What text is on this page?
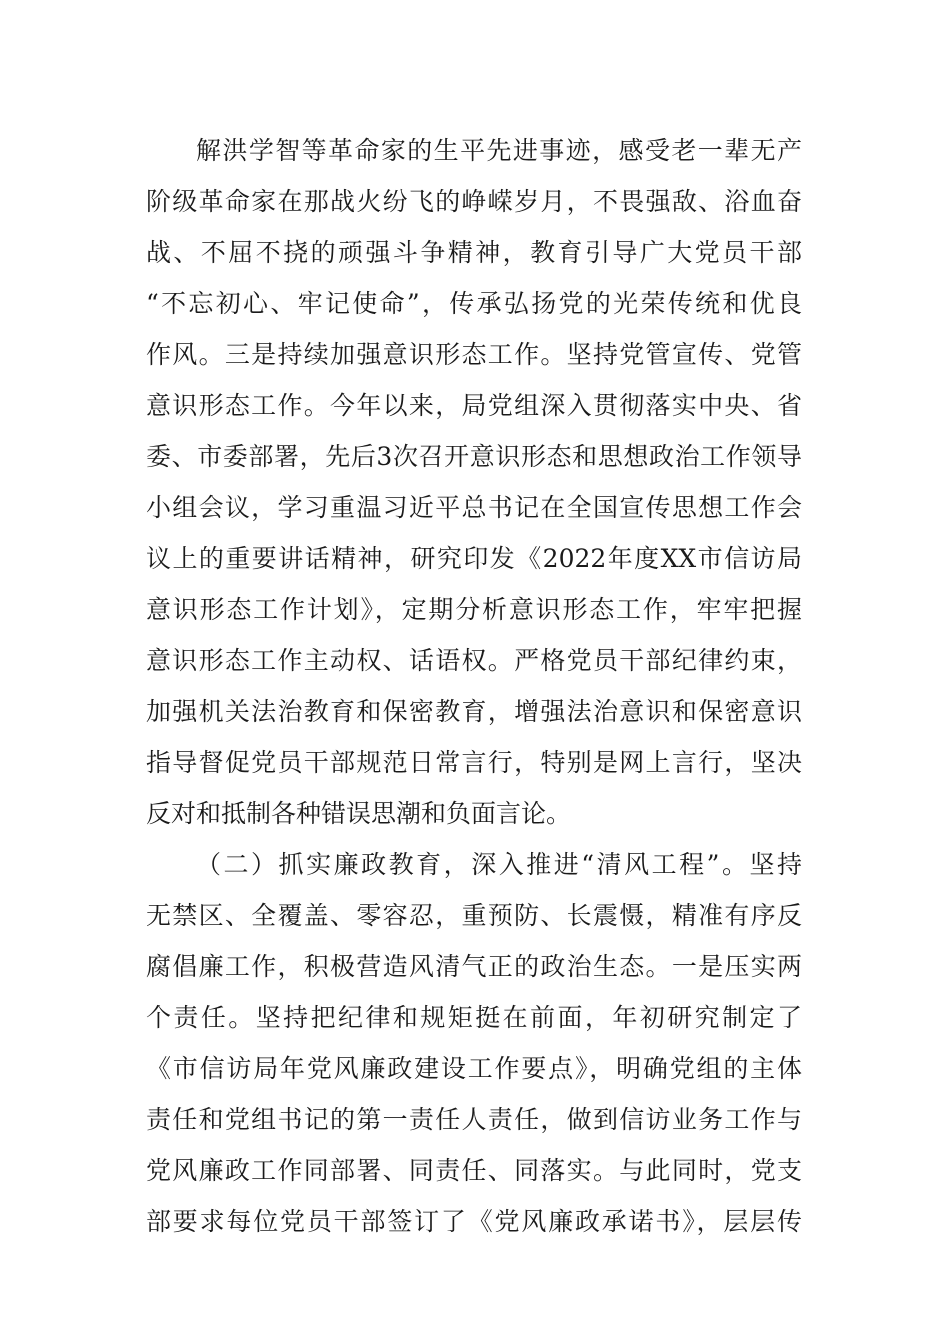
解洪学智等革命家的生平先进事迹，感受老一辈无产
阶级革命家在那战火纷飞的峥嵘岁月，不畏强敌、浴血奋
战、不屈不挠的顽强斗争精神，教育引导广大党员干部
“不忘初心、牢记使命”，传承弘扬党的光荣传统和优良
作风。三是持续加强意识形态工作。坚持党管宣传、党管
意识形态工作。今年以来，局党组深入贯彻落实中央、省
委、市委部署，先后3次召开意识形态和思想政治工作领导
小组会议，学习重温习近平总书记在全国宣传思想工作会
议上的重要讲话精神，研究印发《2022年度XX市信访局
意识形态工作计划》，定期分析意识形态工作，牢牢把握
意识形态工作主动权、话语权。严格党员干部纪律约束，
加强机关法治教育和保密教育，增强法治意识和保密意识
指导督促党员干部规范日常言行，特别是网上言行，坚决
反对和抵制各种错误思潮和负面言论。
（二）抓实廉政教育，深入推进“清风工程”。坚持
无禁区、全覆盖、零容忍，重预防、长震慑，精准有序反
腐倡廉工作，积极营造风清气正的政治生态。一是压实两
个责任。坚持把纪律和规矩挺在前面，年初研究制定了
《市信访局年党风廉政建设工作要点》，明确党组的主体
责任和党组书记的第一责任人责任，做到信访业务工作与
党风廉政工作同部署、同责任、同落实。与此同时，党支
部要求每位党员干部签订了《党风廉政承诺书》，层层传
